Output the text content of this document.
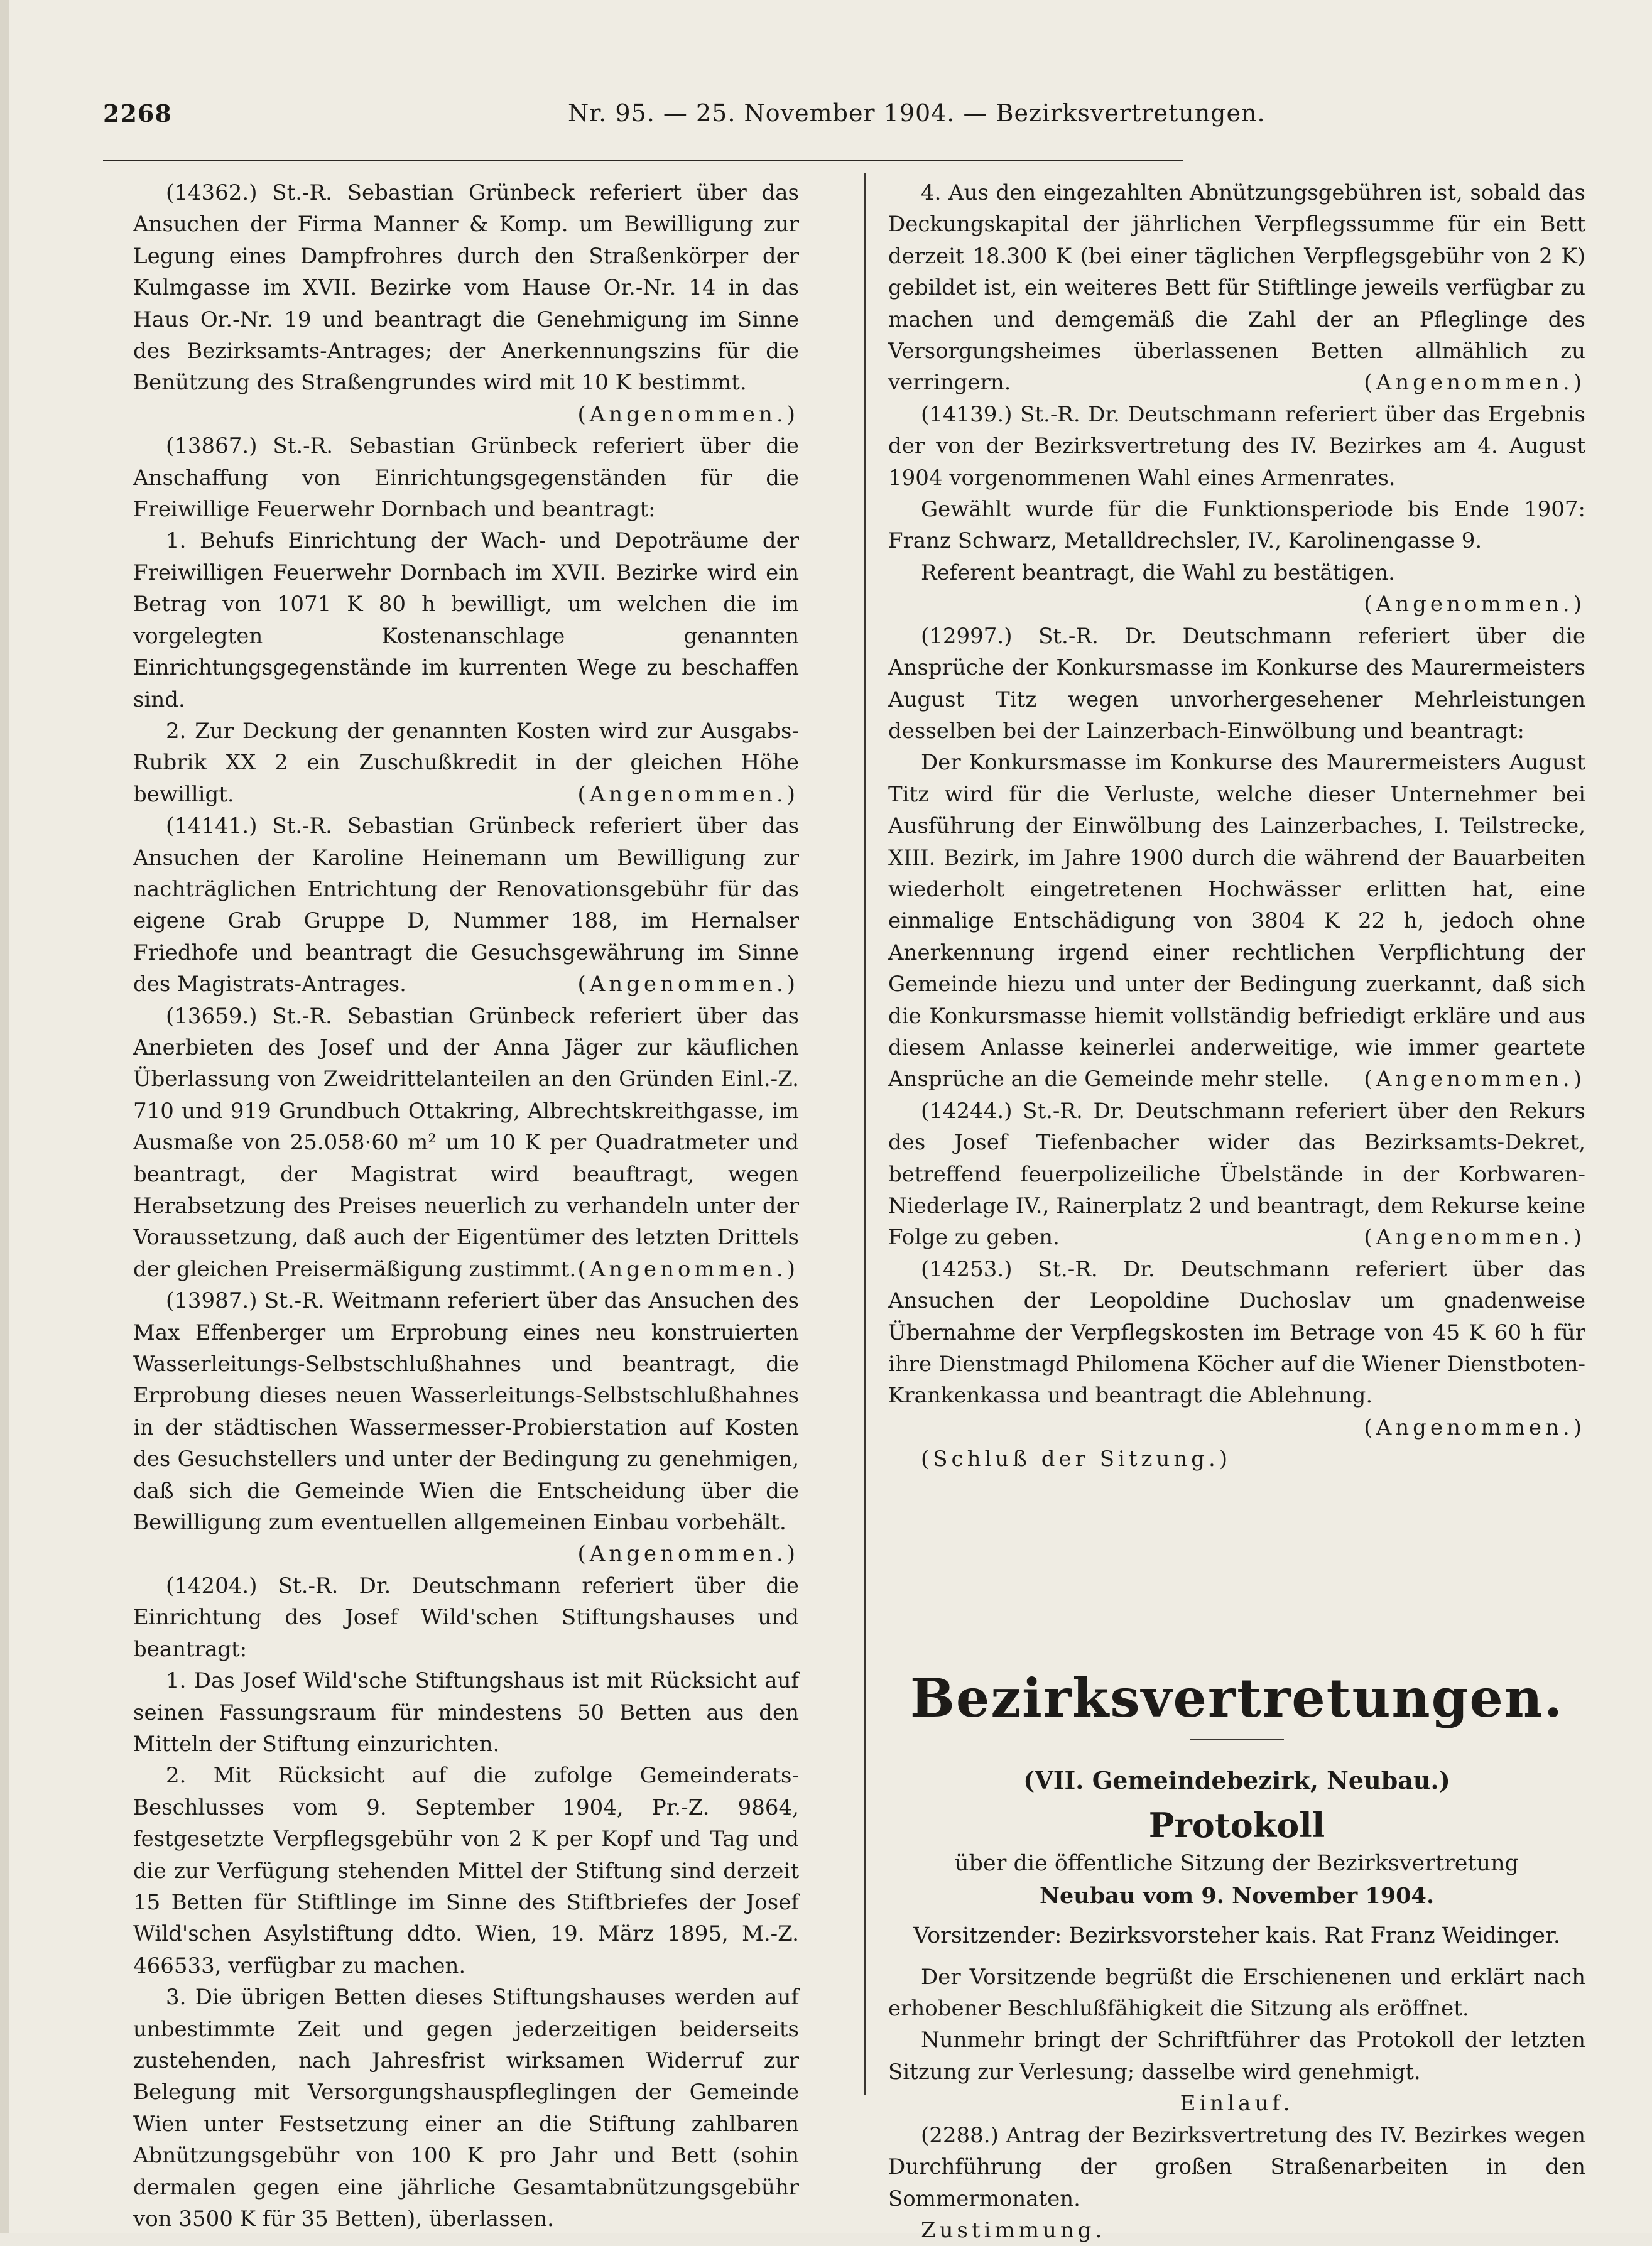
2268	Nr. 95. — 25. November 1904. — Bezirksvertretungen.

(14362.) St.-R. Sebastian Grünbeck referiert über das Ansuchen der Firma Manner & Komp. um Bewilligung zur Legung eines Dampfrohres durch den Straßenkörper der Kulmgasse im XVII. Bezirke vom Hause Or.-Nr. 14 in das Haus Or.-Nr. 19 und beantragt die Genehmigung im Sinne des Bezirksamts-Antrages; der Anerkennungszins für die Benützung des Straßengrundes wird mit 10 K bestimmt.
(Angenommen.)

(13867.) St.-R. Sebastian Grünbeck referiert über die Anschaffung von Einrichtungsgegenständen für die Freiwillige Feuerwehr Dornbach und beantragt:

1. Behufs Einrichtung der Wach- und Depoträume der Freiwilligen Feuerwehr Dornbach im XVII. Bezirke wird ein Betrag von 1071 K 80 h bewilligt, um welchen die im vorgelegten Kostenanschlage genannten Einrichtungsgegenstände im kurrenten Wege zu beschaffen sind.

2. Zur Deckung der genannten Kosten wird zur Ausgabs-Rubrik XX 2 ein Zuschußkredit in der gleichen Höhe bewilligt.	(Angenommen.)

(14141.) St.-R. Sebastian Grünbeck referiert über das Ansuchen der Karoline Heinemann um Bewilligung zur nachträglichen Entrichtung der Renovationsgebühr für das eigene Grab Gruppe D, Nummer 188, im Hernalser Friedhofe und beantragt die Gesuchsgewährung im Sinne des Magistrats-Antrages.	(Angenommen.)

(13659.) St.-R. Sebastian Grünbeck referiert über das Anerbieten des Josef und der Anna Jäger zur käuflichen Überlassung von Zweidrittelanteilen an den Gründen Einl.-Z. 710 und 919 Grundbuch Ottakring, Albrechtskreithgasse, im Ausmaße von 25.058·60 m² um 10 K per Quadratmeter und beantragt, der Magistrat wird beauftragt, wegen Herabsetzung des Preises neuerlich zu verhandeln unter der Voraussetzung, daß auch der Eigentümer des letzten Drittels der gleichen Preisermäßigung zustimmt. (Angenommen.)

(13987.) St.-R. Weitmann referiert über das Ansuchen des Max Effenberger um Erprobung eines neu konstruierten Wasserleitungs-Selbstschlußhahnes und beantragt, die Erprobung dieses neuen Wasserleitungs-Selbstschlußhahnes in der städtischen Wassermesser-Probierstation auf Kosten des Gesuchstellers und unter der Bedingung zu genehmigen, daß sich die Gemeinde Wien die Entscheidung über die Bewilligung zum eventuellen allgemeinen Einbau vorbehält.
(Angenommen.)

(14204.) St.-R. Dr. Deutschmann referiert über die Einrichtung des Josef Wild'schen Stiftungshauses und beantragt:

1. Das Josef Wild'sche Stiftungshaus ist mit Rücksicht auf seinen Fassungsraum für mindestens 50 Betten aus den Mitteln der Stiftung einzurichten.

2. Mit Rücksicht auf die zufolge Gemeinderats-Beschlusses vom 9. September 1904, Pr.-Z. 9864, festgesetzte Verpflegsgebühr von 2 K per Kopf und Tag und die zur Verfügung stehenden Mittel der Stiftung sind derzeit 15 Betten für Stiftlinge im Sinne des Stiftbriefes der Josef Wild'schen Asylstiftung ddto. Wien, 19. März 1895, M.-Z. 466533, verfügbar zu machen.

3. Die übrigen Betten dieses Stiftungshauses werden auf unbestimmte Zeit und gegen jederzeitigen beiderseits zustehenden, nach Jahresfrist wirksamen Widerruf zur Belegung mit Versorgungshauspfleglingen der Gemeinde Wien unter Festsetzung einer an die Stiftung zahlbaren Abnützungsgebühr von 100 K pro Jahr und Bett (sohin dermalen gegen eine jährliche Gesamtabnützungsgebühr von 3500 K für 35 Betten), überlassen.

4. Aus den eingezahlten Abnützungsgebühren ist, sobald das Deckungskapital der jährlichen Verpflegssumme für ein Bett derzeit 18.300 K (bei einer täglichen Verpflegsgebühr von 2 K) gebildet ist, ein weiteres Bett für Stiftlinge jeweils verfügbar zu machen und demgemäß die Zahl der an Pfleglinge des Versorgungsheimes überlassenen Betten allmählich zu verringern.	(Angenommen.)

(14139.) St.-R. Dr. Deutschmann referiert über das Ergebnis der von der Bezirksvertretung des IV. Bezirkes am 4. August 1904 vorgenommenen Wahl eines Armenrates.

Gewählt wurde für die Funktionsperiode bis Ende 1907: Franz Schwarz, Metalldrechsler, IV., Karolinengasse 9.

Referent beantragt, die Wahl zu bestätigen.
(Angenommen.)

(12997.) St.-R. Dr. Deutschmann referiert über die Ansprüche der Konkursmasse im Konkurse des Maurermeisters August Titz wegen unvorhergesehener Mehrleistungen desselben bei der Lainzerbach-Einwölbung und beantragt:

Der Konkursmasse im Konkurse des Maurermeisters August Titz wird für die Verluste, welche dieser Unternehmer bei Ausführung der Einwölbung des Lainzerbaches, I. Teilstrecke, XIII. Bezirk, im Jahre 1900 durch die während der Bauarbeiten wiederholt eingetretenen Hochwässer erlitten hat, eine einmalige Entschädigung von 3804 K 22 h, jedoch ohne Anerkennung irgend einer rechtlichen Verpflichtung der Gemeinde hiezu und unter der Bedingung zuerkannt, daß sich die Konkursmasse hiemit vollständig befriedigt erkläre und aus diesem Anlasse keinerlei anderweitige, wie immer geartete Ansprüche an die Gemeinde mehr stelle. (Angenommen.)

(14244.) St.-R. Dr. Deutschmann referiert über den Rekurs des Josef Tiefenbacher wider das Bezirksamts-Dekret, betreffend feuerpolizeiliche Übelstände in der Korbwaren-Niederlage IV., Rainerplatz 2 und beantragt, dem Rekurse keine Folge zu geben.	(Angenommen.)

(14253.) St.-R. Dr. Deutschmann referiert über das Ansuchen der Leopoldine Duchoslav um gnadenweise Übernahme der Verpflegskosten im Betrage von 45 K 60 h für ihre Dienstmagd Philomena Köcher auf die Wiener Dienstboten-Krankenkassa und beantragt die Ablehnung.
(Angenommen.)

(Schluß der Sitzung.)

Bezirksvertretungen.
(VII. Gemeindebezirk, Neubau.)
Protokoll
über die öffentliche Sitzung der Bezirksvertretung
Neubau vom 9. November 1904.
Vorsitzender: Bezirksvorsteher kais. Rat Franz Weidinger.

Der Vorsitzende begrüßt die Erschienenen und erklärt nach erhobener Beschlußfähigkeit die Sitzung als eröffnet.

Nunmehr bringt der Schriftführer das Protokoll der letzten Sitzung zur Verlesung; dasselbe wird genehmigt.

Einlauf.

(2288.) Antrag der Bezirksvertretung des IV. Bezirkes wegen Durchführung der großen Straßenarbeiten in den Sommermonaten.

Zustimmung.
